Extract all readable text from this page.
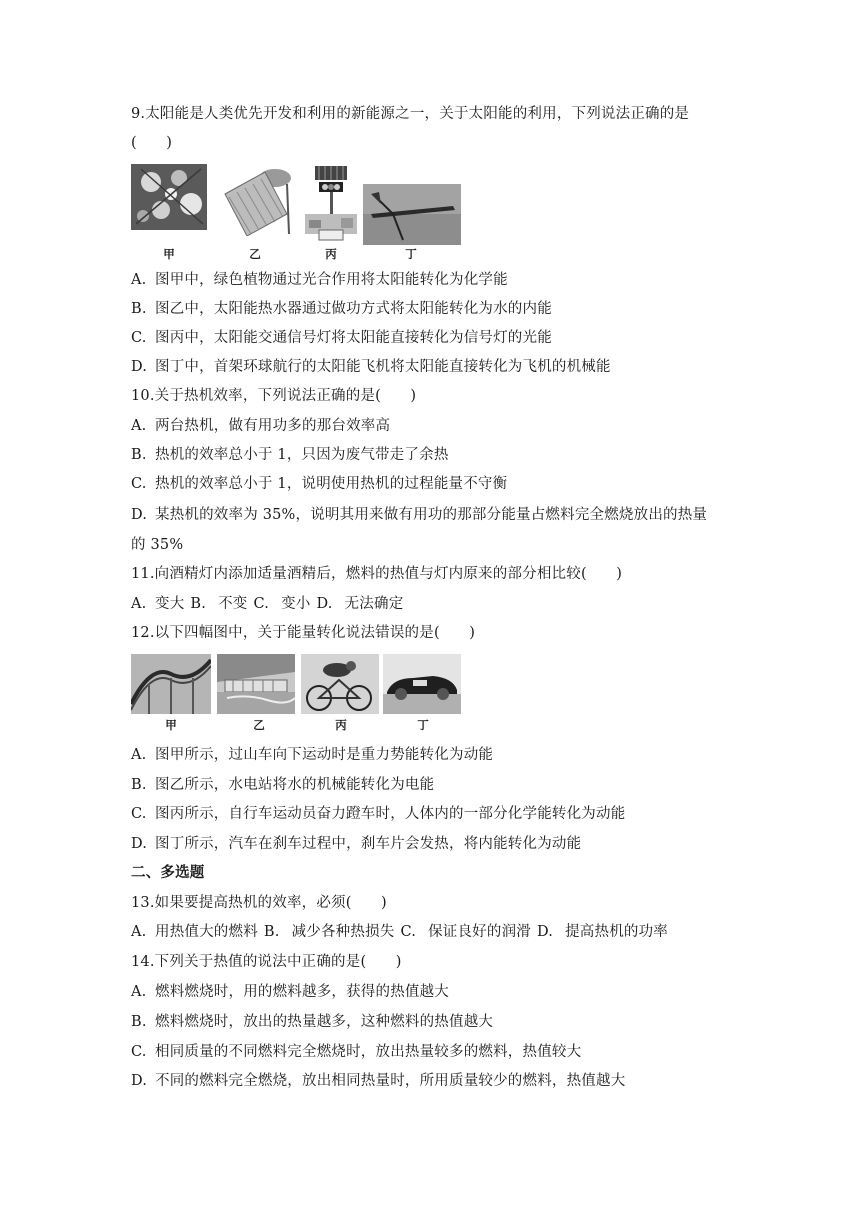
9.太阳能是人类优先开发和利用的新能源之一，关于太阳能的利用，下列说法正确的是
(　　)
甲	乙	丙	丁
A. 图甲中，绿色植物通过光合作用将太阳能转化为化学能
B. 图乙中，太阳能热水器通过做功方式将太阳能转化为水的内能
C. 图丙中，太阳能交通信号灯将太阳能直接转化为信号灯的光能
D. 图丁中，首架环球航行的太阳能飞机将太阳能直接转化为飞机的机械能
10.关于热机效率，下列说法正确的是(　　)
A. 两台热机，做有用功多的那台效率高
B. 热机的效率总小于 1，只因为废气带走了余热
C. 热机的效率总小于 1，说明使用热机的过程能量不守衡
D. 某热机的效率为 35%，说明其用来做有用功的那部分能量占燃料完全燃烧放出的热量
的 35%
11.向酒精灯内添加适量酒精后，燃料的热值与灯内原来的部分相比较(　　)
A. 变大 B. 不变 C. 变小 D. 无法确定
12.以下四幅图中，关于能量转化说法错误的是(　　)
甲	乙	丙	丁
A. 图甲所示，过山车向下运动时是重力势能转化为动能
B. 图乙所示，水电站将水的机械能转化为电能
C. 图丙所示，自行车运动员奋力蹬车时，人体内的一部分化学能转化为动能
D. 图丁所示，汽车在刹车过程中，刹车片会发热，将内能转化为动能
二、多选题
13.如果要提高热机的效率，必须(　　)
A. 用热值大的燃料 B. 减少各种热损失 C. 保证良好的润滑 D. 提高热机的功率
14.下列关于热值的说法中正确的是(　　)
A. 燃料燃烧时，用的燃料越多，获得的热值越大
B. 燃料燃烧时，放出的热量越多，这种燃料的热值越大
C. 相同质量的不同燃料完全燃烧时，放出热量较多的燃料，热值较大
D. 不同的燃料完全燃烧，放出相同热量时，所用质量较少的燃料，热值越大
